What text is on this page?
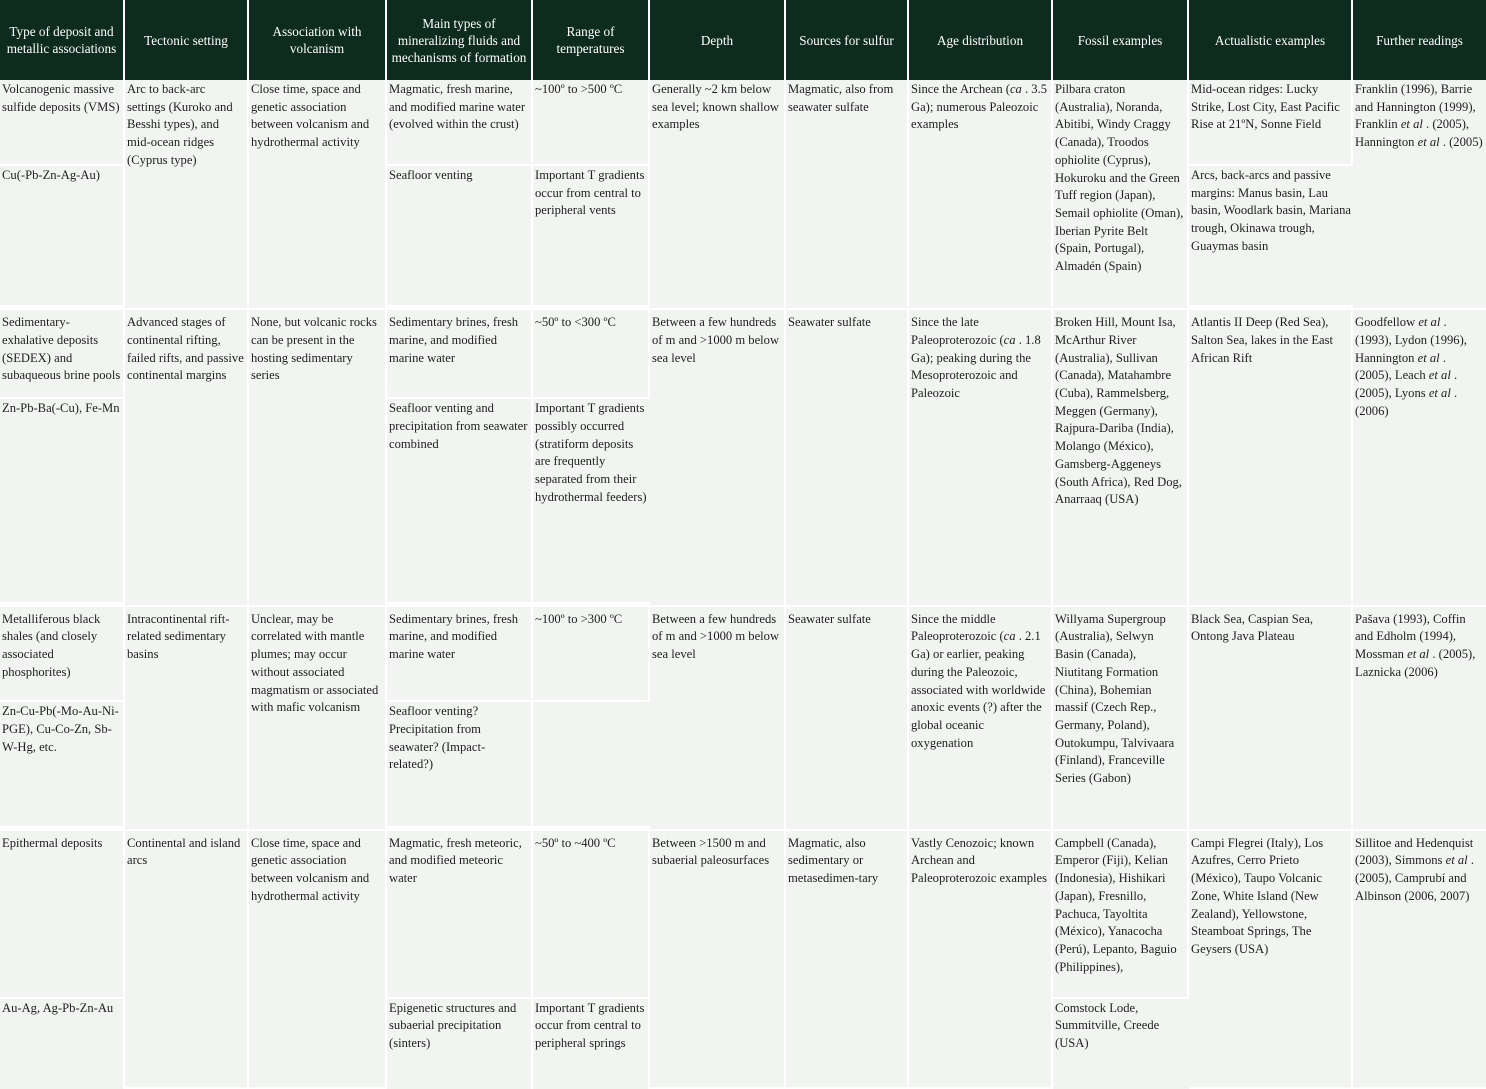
Type of deposit and metallic associations	Tectonic setting	Association with volcanism	Main types of mineralizing fluids and mechanisms of formation	Range of temperatures	Depth	Sources for sulfur	Age distribution	Fossil examples	Actualistic examples	Further readings
Volcanogenic massive sulfide deposits (VMS)	Arc to back-arc settings (Kuroko and Besshi types), and mid-ocean ridges (Cyprus type)	Close time, space and genetic association between volcanism and hydrothermal activity	Magmatic, fresh marine, and modified marine water (evolved within the crust)	~100º to >500 ºC	Generally ~2 km below sea level; known shallow examples	Magmatic, also from seawater sulfate	Since the Archean (ca . 3.5 Ga); numerous Paleozoic examples	Pilbara craton (Australia), Noranda, Abitibi, Windy Craggy (Canada), Troodos ophiolite (Cyprus), Hokuroku and the Green Tuff region (Japan), Semail ophiolite (Oman), Iberian Pyrite Belt (Spain, Portugal), Almadén (Spain)	Mid-ocean ridges: Lucky Strike, Lost City, East Pacific Rise at 21ºN, Sonne Field	Franklin (1996), Barrie and Hannington (1999), Franklin et al . (2005), Hannington et al . (2005)
Cu(-Pb-Zn-Ag-Au)			Seafloor venting	Important T gradients occur from central to peripheral vents					Arcs, back-arcs and passive margins: Manus basin, Lau basin, Woodlark basin, Mariana trough, Okinawa trough, Guaymas basin	
Sedimentary-exhalative deposits (SEDEX) and subaqueous brine pools	Advanced stages of continental rifting, failed rifts, and passive continental margins	None, but volcanic rocks can be present in the hosting sedimentary series	Sedimentary brines, fresh marine, and modified marine water	~50º to <300 ºC	Between a few hundreds of m and >1000 m below sea level	Seawater sulfate	Since the late Paleoproterozoic (ca . 1.8 Ga); peaking during the Mesoproterozoic and Paleozoic	Broken Hill, Mount Isa, McArthur River (Australia), Sullivan (Canada), Matahambre (Cuba), Rammelsberg, Meggen (Germany), Rajpura-Dariba (India), Molango (México), Gamsberg-Aggeneys (South Africa), Red Dog, Anarraaq (USA)	Atlantis II Deep (Red Sea), Salton Sea, lakes in the East African Rift	Goodfellow et al . (1993), Lydon (1996), Hannington et al . (2005), Leach et al . (2005), Lyons et al . (2006)
Zn-Pb-Ba(-Cu), Fe-Mn			Seafloor venting and precipitation from seawater combined	Important T gradients possibly occurred (stratiform deposits are frequently separated from their hydrothermal feeders)						
Metalliferous black shales (and closely associated phosphorites)	Intracontinental rift-related sedimentary basins	Unclear, may be correlated with mantle plumes; may occur without associated magmatism or associated with mafic volcanism	Sedimentary brines, fresh marine, and modified marine water	~100º to >300 ºC	Between a few hundreds of m and >1000 m below sea level	Seawater sulfate	Since the middle Paleoproterozoic (ca . 2.1 Ga) or earlier, peaking during the Paleozoic, associated with worldwide anoxic events (?) after the global oceanic oxygenation	Willyama Supergroup (Australia), Selwyn Basin (Canada), Niutitang Formation (China), Bohemian massif (Czech Rep., Germany, Poland), Outokumpu, Talvivaara (Finland), Franceville Series (Gabon)	Black Sea, Caspian Sea, Ontong Java Plateau	Pašava (1993), Coffin and Edholm (1994), Mossman et al . (2005), Laznicka (2006)
Zn-Cu-Pb(-Mo-Au-Ni-PGE), Cu-Co-Zn, Sb-W-Hg, etc.			Seafloor venting? Precipitation from seawater? (Impact-related?)							
Epithermal deposits	Continental and island arcs	Close time, space and genetic association between volcanism and hydrothermal activity	Magmatic, fresh meteoric, and modified meteoric water	~50º to ~400 ºC	Between >1500 m and subaerial paleosurfaces	Magmatic, also sedimentary or metasedimen-tary	Vastly Cenozoic; known Archean and Paleoproterozoic examples	Campbell (Canada), Emperor (Fiji), Kelian (Indonesia), Hishikari (Japan), Fresnillo, Pachuca, Tayoltita (México), Yanacocha (Perú), Lepanto, Baguio (Philippines),	Campi Flegrei (Italy), Los Azufres, Cerro Prieto (México), Taupo Volcanic Zone, White Island (New Zealand), Yellowstone, Steamboat Springs, The Geysers (USA)	Sillitoe and Hedenquist (2003), Simmons et al . (2005), Camprubí and Albinson (2006, 2007)
Au-Ag, Ag-Pb-Zn-Au			Epigenetic structures and subaerial precipitation (sinters)	Important T gradients occur from central to peripheral springs				Comstock Lode, Summitville, Creede (USA)		
